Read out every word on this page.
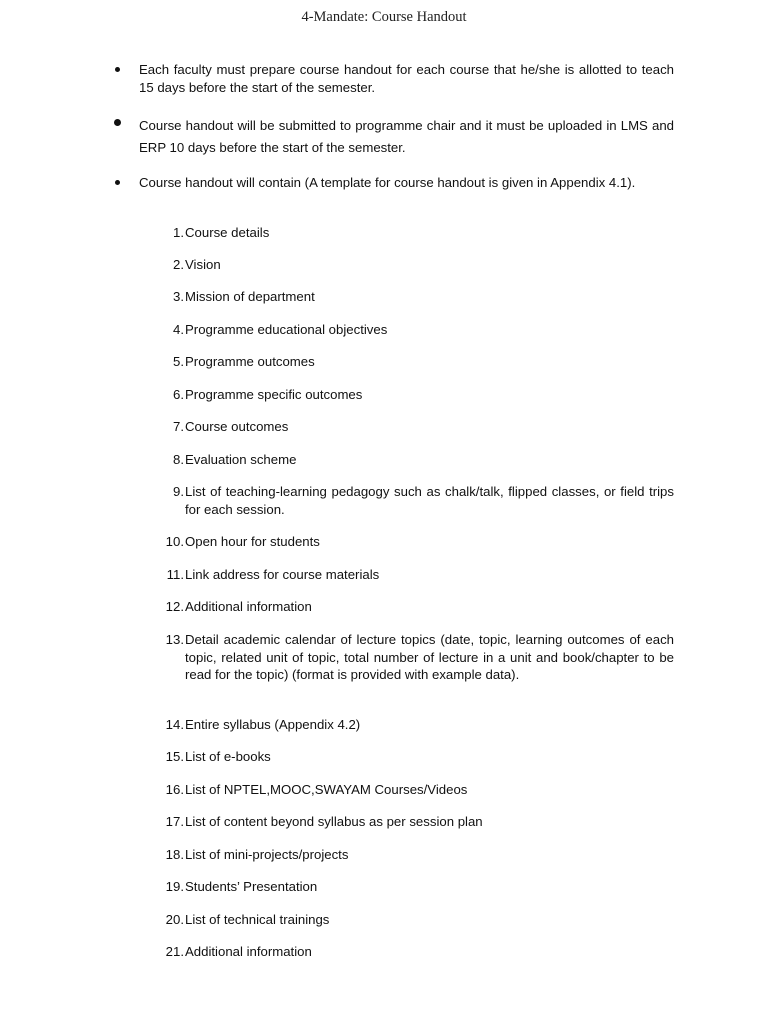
4-Mandate: Course Handout
Each faculty must prepare course handout for each course that he/she is allotted to teach 15 days before the start of the semester.
Course handout will be submitted to programme chair and it must be uploaded in LMS and ERP 10 days before the start of the semester.
Course handout will contain (A template for course handout is given in Appendix 4.1).
1. Course details
2. Vision
3. Mission of department
4. Programme educational objectives
5. Programme outcomes
6. Programme specific outcomes
7. Course outcomes
8. Evaluation scheme
9. List of teaching-learning pedagogy such as chalk/talk, flipped classes, or field trips for each session.
10. Open hour for students
11. Link address for course materials
12. Additional information
13. Detail academic calendar of lecture topics (date, topic, learning outcomes of each topic, related unit of topic, total number of lecture in a unit and book/chapter to be read for the topic) (format is provided with example data).
14. Entire syllabus (Appendix 4.2)
15. List of e-books
16. List of NPTEL,MOOC,SWAYAM Courses/Videos
17. List of content beyond syllabus as per session plan
18. List of mini-projects/projects
19. Students’ Presentation
20. List of technical trainings
21. Additional information
